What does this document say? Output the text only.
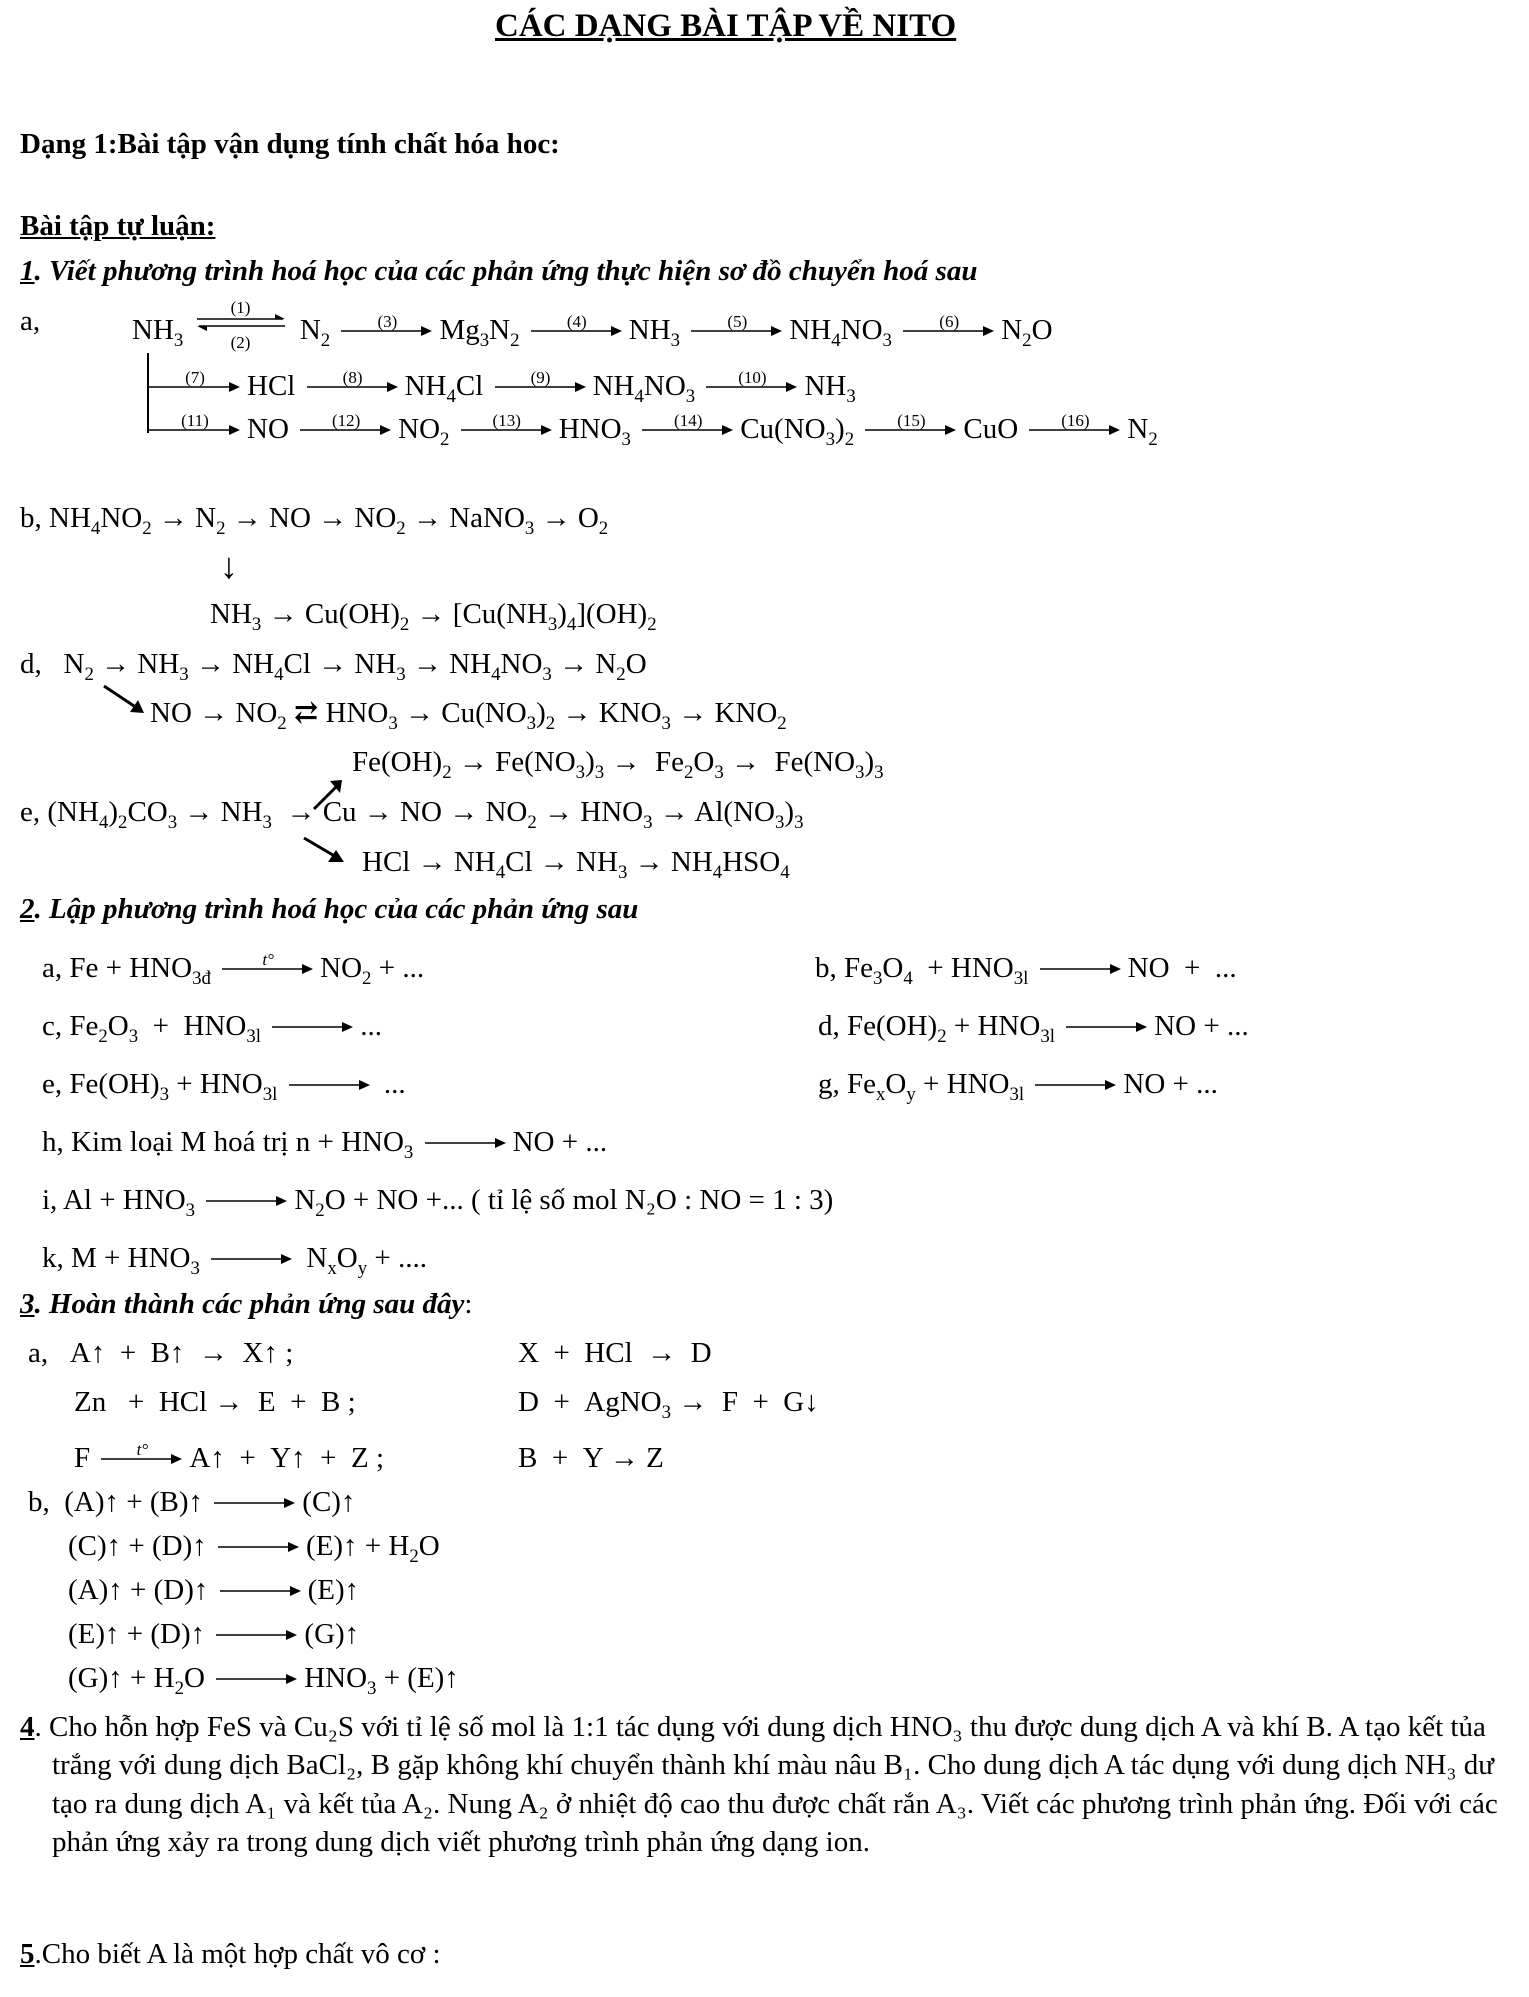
CÁC DẠNG BÀI TẬP VỀ NITO
Dạng 1:Bài tập vận dụng tính chất hóa hoc:
Bài tập tự luận:
1. Viết phương trình hoá học của các phản ứng thực hiện sơ đồ chuyển hoá sau
a,	$NH_3$
(1)
(2)	$N_2$
(3)	$Mg_3N_2$
(4)	$NH_3$
(5)	$NH_4NO_3$
(6)	$N_2O$
(7)	HCl	(8)	$NH_4Cl$	(9)	$NH_4NO_3$
(10)	$NH_3$
(11)	NO	(12)	$NO_2$
(13)	$HNO_3$
(14)	$Cu(NO_3)_2$
(15)	CuO	(16)	$N_2$
b, $NH_4NO_2 \to N_2$ → NO → $NO_2$ → NaNO$_3$ → $O_2$
↓
$NH_3 \to Cu(OH)_2 \to [Cu(NH_3)_4](OH)_2$
d,   $N_2 \to NH_3 \to NH_4Cl \to NH_3 \to NH_4NO_3 \to N_2O$
NO → $NO_2$ ⇄ $HNO_3 \to Cu(NO_3)_2 \to KNO_3 \to KNO_2$
$Fe(OH)_2 \to Fe(NO_3)_3 \to Fe_2O_3 \to Fe(NO_3)_3$
e, $(NH_4)_2CO_3 \to NH_3 \to Cu$ → NO → $NO_2 \to HNO_3 \to Al(NO_3)_3$
HCl → $NH_4Cl \to NH_3 \to NH_4HSO_4$
2. Lập phương trình hoá học của các phản ứng sau
a, $Fe + HNO_{3đ}$
t°	$NO_2$ + ...	b, $Fe_3O_4 + HNO_{3l}$	NO  +  ...
c, $Fe_2O_3 + HNO_{3l}$	...	d, $Fe(OH)_2 + HNO_{3l}$	NO + ...
e, $Fe(OH)_3 + HNO_{3l}$	...	g, $Fe_xO_y + HNO_{3l}$	NO + ...
h, Kim loại M hoá trị $n + HNO_3$	NO + ...
i, $Al + HNO_3$	$N_2O$ + NO +... ( tỉ lệ số mol N₂O : NO = 1 : 3)
k, $M + HNO_3$	$N_xO_y$ + ....
3. Hoàn thành các phản ứng sau đây:
a,   A↑  +  B↑  →  X↑ ;	X  +  HCl  →  D
Zn   +  HCl →  E  +  B ;	D  +  AgNO$_3$ →  F  +  G↓
F	t°	A↑  +  Y↑  +  Z ;	B  +  Y → Z
b,  (A)↑ + (B)↑	(C)↑
(C)↑ + (D)↑	(E)↑ + $H_2O$
(A)↑ + (D)↑	(E)↑
(E)↑ + (D)↑	(G)↑
(G)↑ + $H_2O$	$HNO_3$ + (E)↑
4. Cho hỗn hợp FeS và Cu₂S với tỉ lệ số mol là 1:1 tác dụng với dung dịch HNO₃ thu được dung dịch A và khí B. A tạo kết tủa trắng với dung dịch BaCl₂, B gặp không khí chuyển thành khí màu nâu B₁. Cho dung dịch A tác dụng với dung dịch NH₃ dư tạo ra dung dịch A₁ và kết tủa A₂. Nung A₂ ở nhiệt độ cao thu được chất rắn A₃. Viết các phương trình phản ứng. Đối với các phản ứng xảy ra trong dung dịch viết phương trình phản ứng dạng ion.
5.Cho biết A là một hợp chất vô cơ :
